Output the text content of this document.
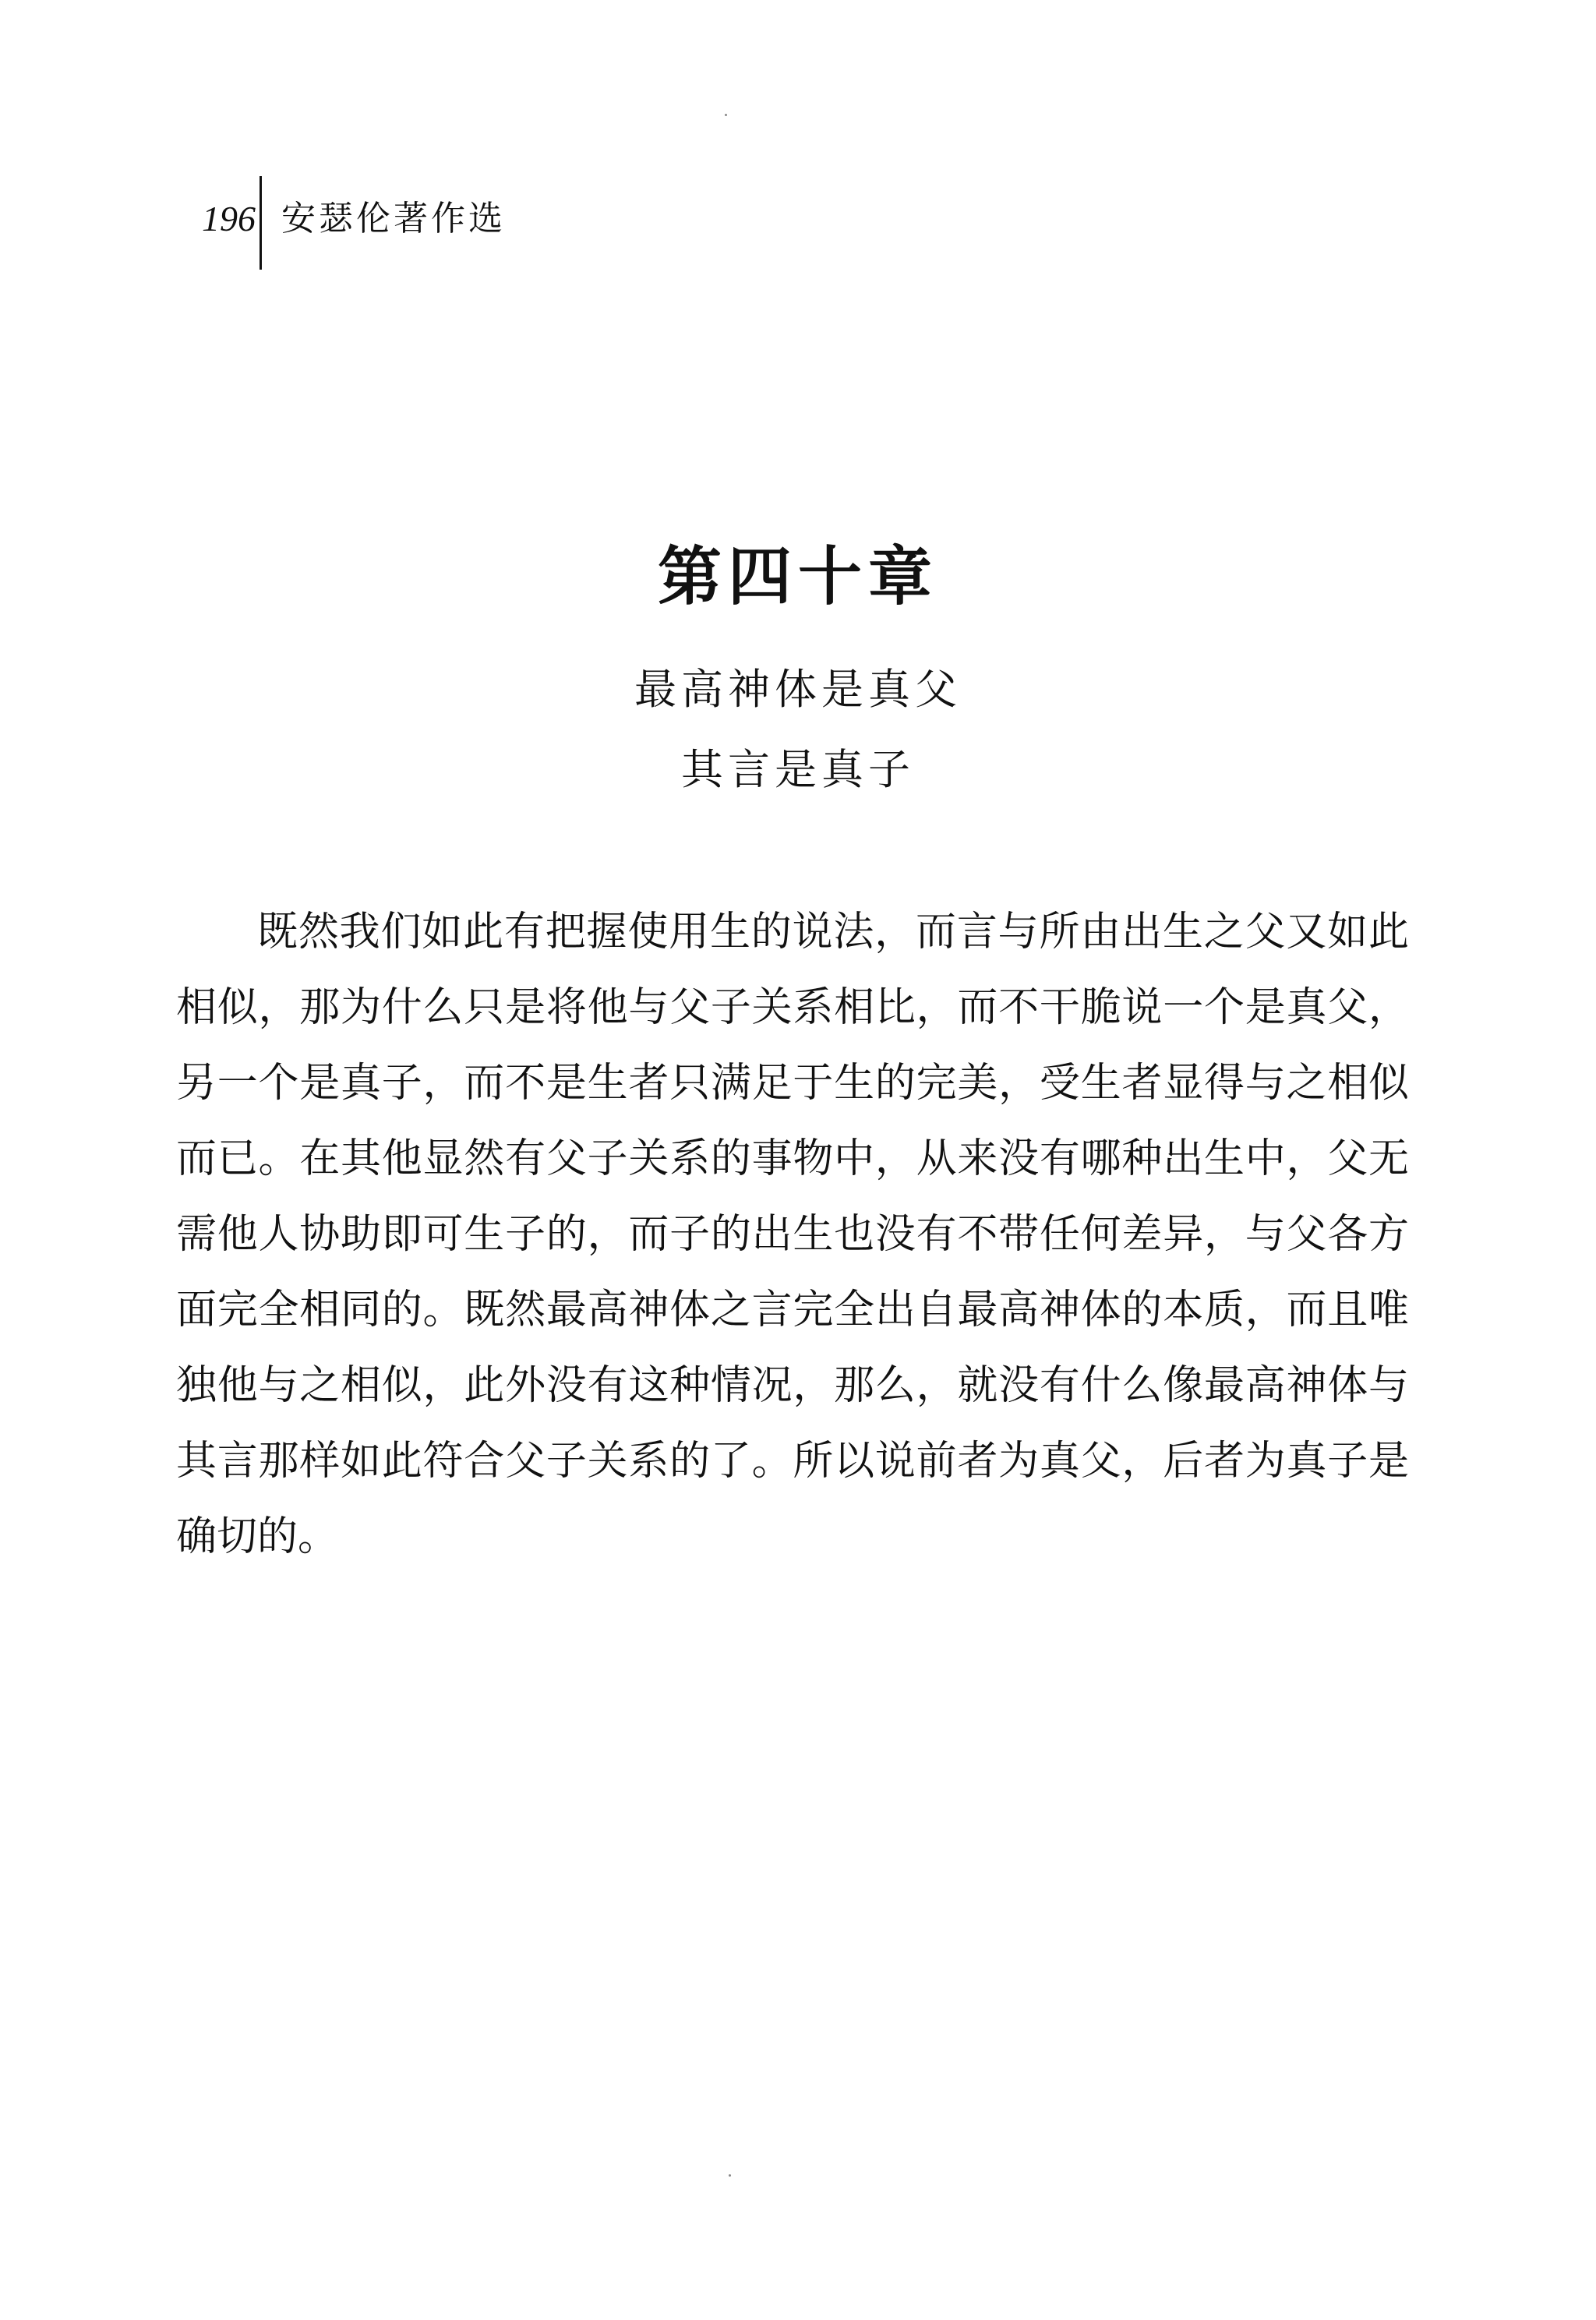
196 安瑟伦著作选
第四十章
最高神体是真父
其言是真子

既然我们如此有把握使用生的说法，而言与所由出生之父又如此相似，那为什么只是将他与父子关系相比，而不干脆说一个是真父，另一个是真子，而不是生者只满足于生的完美，受生者显得与之相似而已。在其他显然有父子关系的事物中，从来没有哪种出生中，父无需他人协助即可生子的，而子的出生也没有不带任何差异，与父各方面完全相同的。既然最高神体之言完全出自最高神体的本质，而且唯独他与之相似，此外没有这种情况，那么，就没有什么像最高神体与其言那样如此符合父子关系的了。所以说前者为真父，后者为真子是确切的。
